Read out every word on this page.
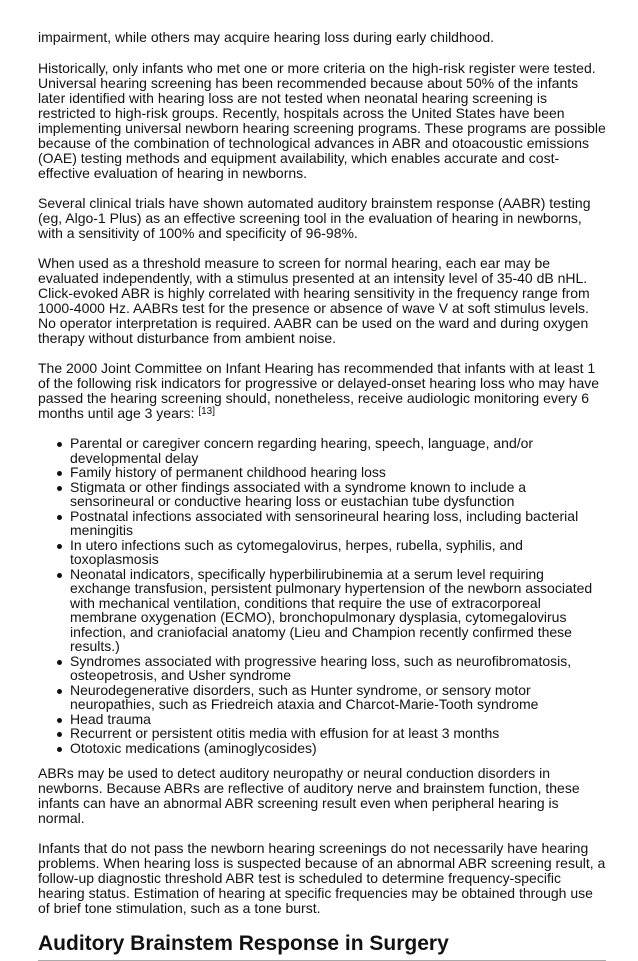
impairment, while others may acquire hearing loss during early childhood.

Historically, only infants who met one or more criteria on the high-risk register were tested. Universal hearing screening has been recommended because about 50% of the infants later identified with hearing loss are not tested when neonatal hearing screening is restricted to high-risk groups. Recently, hospitals across the United States have been implementing universal newborn hearing screening programs. These programs are possible because of the combination of technological advances in ABR and otoacoustic emissions (OAE) testing methods and equipment availability, which enables accurate and cost-effective evaluation of hearing in newborns.

Several clinical trials have shown automated auditory brainstem response (AABR) testing (eg, Algo-1 Plus) as an effective screening tool in the evaluation of hearing in newborns, with a sensitivity of 100% and specificity of 96-98%.

When used as a threshold measure to screen for normal hearing, each ear may be evaluated independently, with a stimulus presented at an intensity level of 35-40 dB nHL. Click-evoked ABR is highly correlated with hearing sensitivity in the frequency range from 1000-4000 Hz. AABRs test for the presence or absence of wave V at soft stimulus levels. No operator interpretation is required. AABR can be used on the ward and during oxygen therapy without disturbance from ambient noise.

The 2000 Joint Committee on Infant Hearing has recommended that infants with at least 1 of the following risk indicators for progressive or delayed-onset hearing loss who may have passed the hearing screening should, nonetheless, receive audiologic monitoring every 6 months until age 3 years: [13]

Parental or caregiver concern regarding hearing, speech, language, and/or developmental delay
Family history of permanent childhood hearing loss
Stigmata or other findings associated with a syndrome known to include a sensorineural or conductive hearing loss or eustachian tube dysfunction
Postnatal infections associated with sensorineural hearing loss, including bacterial meningitis
In utero infections such as cytomegalovirus, herpes, rubella, syphilis, and toxoplasmosis
Neonatal indicators, specifically hyperbilirubinemia at a serum level requiring exchange transfusion, persistent pulmonary hypertension of the newborn associated with mechanical ventilation, conditions that require the use of extracorporeal membrane oxygenation (ECMO), bronchopulmonary dysplasia, cytomegalovirus infection, and craniofacial anatomy (Lieu and Champion recently confirmed these results.)
Syndromes associated with progressive hearing loss, such as neurofibromatosis, osteopetrosis, and Usher syndrome
Neurodegenerative disorders, such as Hunter syndrome, or sensory motor neuropathies, such as Friedreich ataxia and Charcot-Marie-Tooth syndrome
Head trauma
Recurrent or persistent otitis media with effusion for at least 3 months
Ototoxic medications (aminoglycosides)

ABRs may be used to detect auditory neuropathy or neural conduction disorders in newborns. Because ABRs are reflective of auditory nerve and brainstem function, these infants can have an abnormal ABR screening result even when peripheral hearing is normal.

Infants that do not pass the newborn hearing screenings do not necessarily have hearing problems. When hearing loss is suspected because of an abnormal ABR screening result, a follow-up diagnostic threshold ABR test is scheduled to determine frequency-specific hearing status. Estimation of hearing at specific frequencies may be obtained through use of brief tone stimulation, such as a tone burst.

Auditory Brainstem Response in Surgery
